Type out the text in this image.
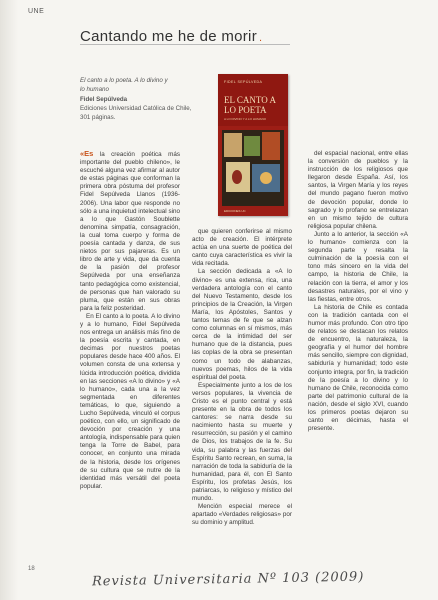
UNE
Cantando me he de morir .
El canto a lo poeta. A lo divino y
lo humano
Fidel Sepúlveda
Ediciones Universidad Católica de Chile, 301 páginas.
FIDEL SEPÚLVEDA
EL CANTO A LO POETA
A LO DIVINO Y A LO HUMANO
EDICIONES UC

«Es la creación poética más importante del pueblo chileno», le escuché alguna vez afirmar al autor de estas páginas que conforman la primera obra póstuma del profesor Fidel Sepúlveda Llanos (1936-2006). Una labor que responde no sólo a una inquietud intelectual sino a lo que Gastón Soublette denomina simpatía, consagración, la cual toma cuerpo y forma de poesía cantada y danza, de sus nietos por sus pajareras. Es un libro de arte y vida, que da cuenta de la pasión del profesor Sepúlveda por una enseñanza tanto pedagógica como existencial, de personas que han valorado su pluma, que están en sus obras para la feliz posteridad.

En El canto a lo poeta. A lo divino y a lo humano, Fidel Sepúlveda nos entrega un análisis más fino de la poesía escrita y cantada, en decimas por nuestros poetas populares desde hace 400 años. El volumen consta de una extensa y lúcida introducción poética, dividida en las secciones «A lo divino» y «A lo humano», cada una a la vez segmentada en diferentes temáticas, lo que, siguiendo a Lucho Sepúlveda, vinculó el corpus poético, con ello, un significado de devoción por creación y una antología, indispensable para quien tenga la Torre de Babel, para conocer, en conjunto una mirada de la historia, desde los orígenes de su cultura que se nutre de la identidad más versátil del poeta popular.

que quieren conferirse al mismo acto de creación. El intérprete actúa en una suerte de poética del canto cuya característica es vivir la vida recitada.

La sección dedicada a «A lo divino» es una extensa, rica, una verdadera antología con el canto del Nuevo Testamento, desde los principios de la Creación, la Virgen María, los Apóstoles, Santos y tantos temas de fe que se alzan como columnas en sí mismos, más cerca de la intimidad del ser humano que de la distancia, pues las coplas de la obra se presentan como un todo de alabanzas, nuevos poemas, hilos de la vida espiritual del poeta.

Especialmente junto a los de los versos populares, la vivencia de Cristo es el punto central y está presente en la obra de todos los cantores: se narra desde su nacimiento hasta su muerte y resurrección, su pasión y el camino de Dios, los trabajos de la fe. Su vida, su palabra y las fuerzas del Espíritu Santo recrean, en suma, la narración de toda la sabiduría de la humanidad, para él, con El Santo Espíritu, los profetas Jesús, los patriarcas, lo religioso y místico del mundo.

Mención especial merece el apartado «Verdades religiosas» por su dominio y amplitud.

del espacial nacional, entre ellas la conversión de pueblos y la instrucción de los religiosos que llegaron desde España. Así, los santos, la Virgen María y los reyes del mundo pagano fueron motivo de devoción popular, donde lo sagrado y lo profano se entrelazan en un mismo tejido de cultura religiosa popular chilena.

Junto a lo anterior, la sección «A lo humano» comienza con la segunda parte y resalta la culminación de la poesía con el tono más sincero en la vida del campo, la historia de Chile, la relación con la tierra, el amor y los desastres naturales, por el vino y las fiestas, entre otros.

La historia de Chile es contada con la tradición cantada con el humor más profundo. Con otro tipo de relatos se destacan los relatos de encuentro, la naturaleza, la geografía y el humor del hombre más sencillo, siempre con dignidad, sabiduría y humanidad; todo este conjunto integra, por fin, la tradición de la poesía a lo divino y lo humano de Chile, reconocida como parte del patrimonio cultural de la nación, desde el siglo XVI, cuando los primeros poetas dejaron su canto en décimas, hasta el presente.

18
Revista Universitaria Nº 103 (2009)
